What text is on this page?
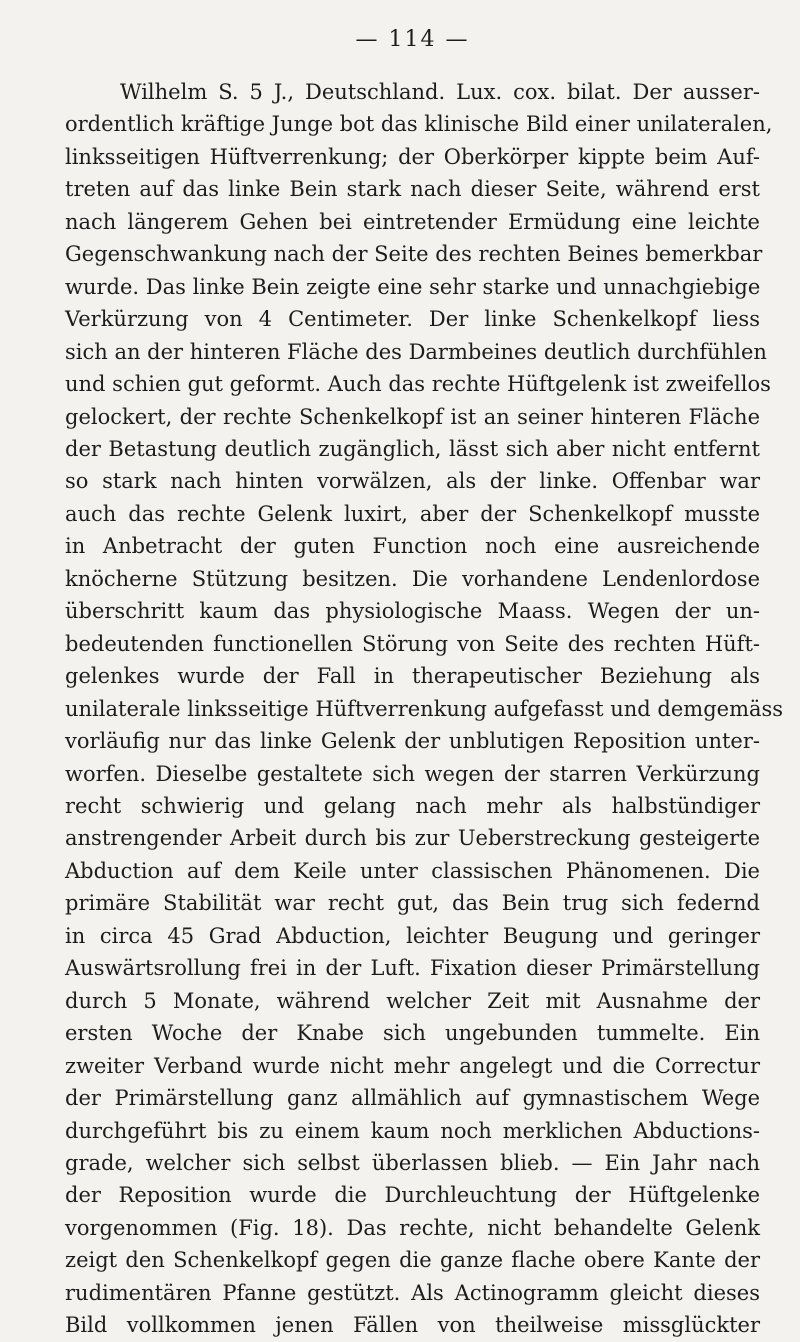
— 114 —
Wilhelm S. 5 J., Deutschland. Lux. cox. bilat. Der ausser-
ordentlich kräftige Junge bot das klinische Bild einer unilateralen,
linksseitigen Hüftverrenkung; der Oberkörper kippte beim Auf-
treten auf das linke Bein stark nach dieser Seite, während erst
nach längerem Gehen bei eintretender Ermüdung eine leichte
Gegenschwankung nach der Seite des rechten Beines bemerkbar
wurde. Das linke Bein zeigte eine sehr starke und unnachgiebige
Verkürzung von 4 Centimeter. Der linke Schenkelkopf liess
sich an der hinteren Fläche des Darmbeines deutlich durchfühlen
und schien gut geformt. Auch das rechte Hüftgelenk ist zweifellos
gelockert, der rechte Schenkelkopf ist an seiner hinteren Fläche
der Betastung deutlich zugänglich, lässt sich aber nicht entfernt
so stark nach hinten vorwälzen, als der linke. Offenbar war
auch das rechte Gelenk luxirt, aber der Schenkelkopf musste
in Anbetracht der guten Function noch eine ausreichende
knöcherne Stützung besitzen. Die vorhandene Lendenlordose
überschritt kaum das physiologische Maass. Wegen der un-
bedeutenden functionellen Störung von Seite des rechten Hüft-
gelenkes wurde der Fall in therapeutischer Beziehung als
unilaterale linksseitige Hüftverrenkung aufgefasst und demgemäss
vorläufig nur das linke Gelenk der unblutigen Reposition unter-
worfen. Dieselbe gestaltete sich wegen der starren Verkürzung
recht schwierig und gelang nach mehr als halbstündiger
anstrengender Arbeit durch bis zur Ueberstreckung gesteigerte
Abduction auf dem Keile unter classischen Phänomenen. Die
primäre Stabilität war recht gut, das Bein trug sich federnd
in circa 45 Grad Abduction, leichter Beugung und geringer
Auswärtsrollung frei in der Luft. Fixation dieser Primärstellung
durch 5 Monate, während welcher Zeit mit Ausnahme der
ersten Woche der Knabe sich ungebunden tummelte. Ein
zweiter Verband wurde nicht mehr angelegt und die Correctur
der Primärstellung ganz allmählich auf gymnastischem Wege
durchgeführt bis zu einem kaum noch merklichen Abductions-
grade, welcher sich selbst überlassen blieb. — Ein Jahr nach
der Reposition wurde die Durchleuchtung der Hüftgelenke
vorgenommen (Fig. 18). Das rechte, nicht behandelte Gelenk
zeigt den Schenkelkopf gegen die ganze flache obere Kante der
rudimentären Pfanne gestützt. Als Actinogramm gleicht dieses
Bild vollkommen jenen Fällen von theilweise missglückter
